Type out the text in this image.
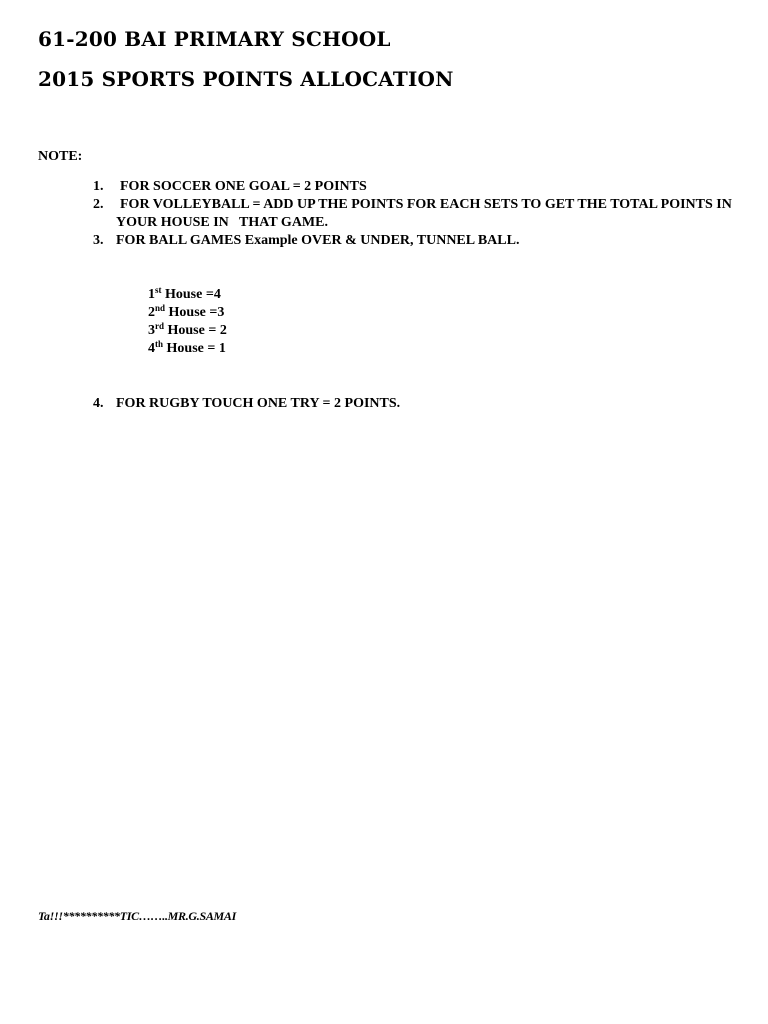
61-200 BAI PRIMARY SCHOOL
2015 SPORTS POINTS ALLOCATION
NOTE:
1. FOR SOCCER ONE GOAL = 2 POINTS
2. FOR VOLLEYBALL = ADD UP THE POINTS FOR EACH SETS TO GET THE TOTAL POINTS IN
YOUR HOUSE IN   THAT GAME.
3. FOR BALL GAMES Example OVER & UNDER, TUNNEL BALL.
1st House =4
2nd House =3
3rd House = 2
4th House = 1
4. FOR RUGBY TOUCH ONE TRY = 2 POINTS.
Ta!!!**********TIC……..MR.G.SAMAI
